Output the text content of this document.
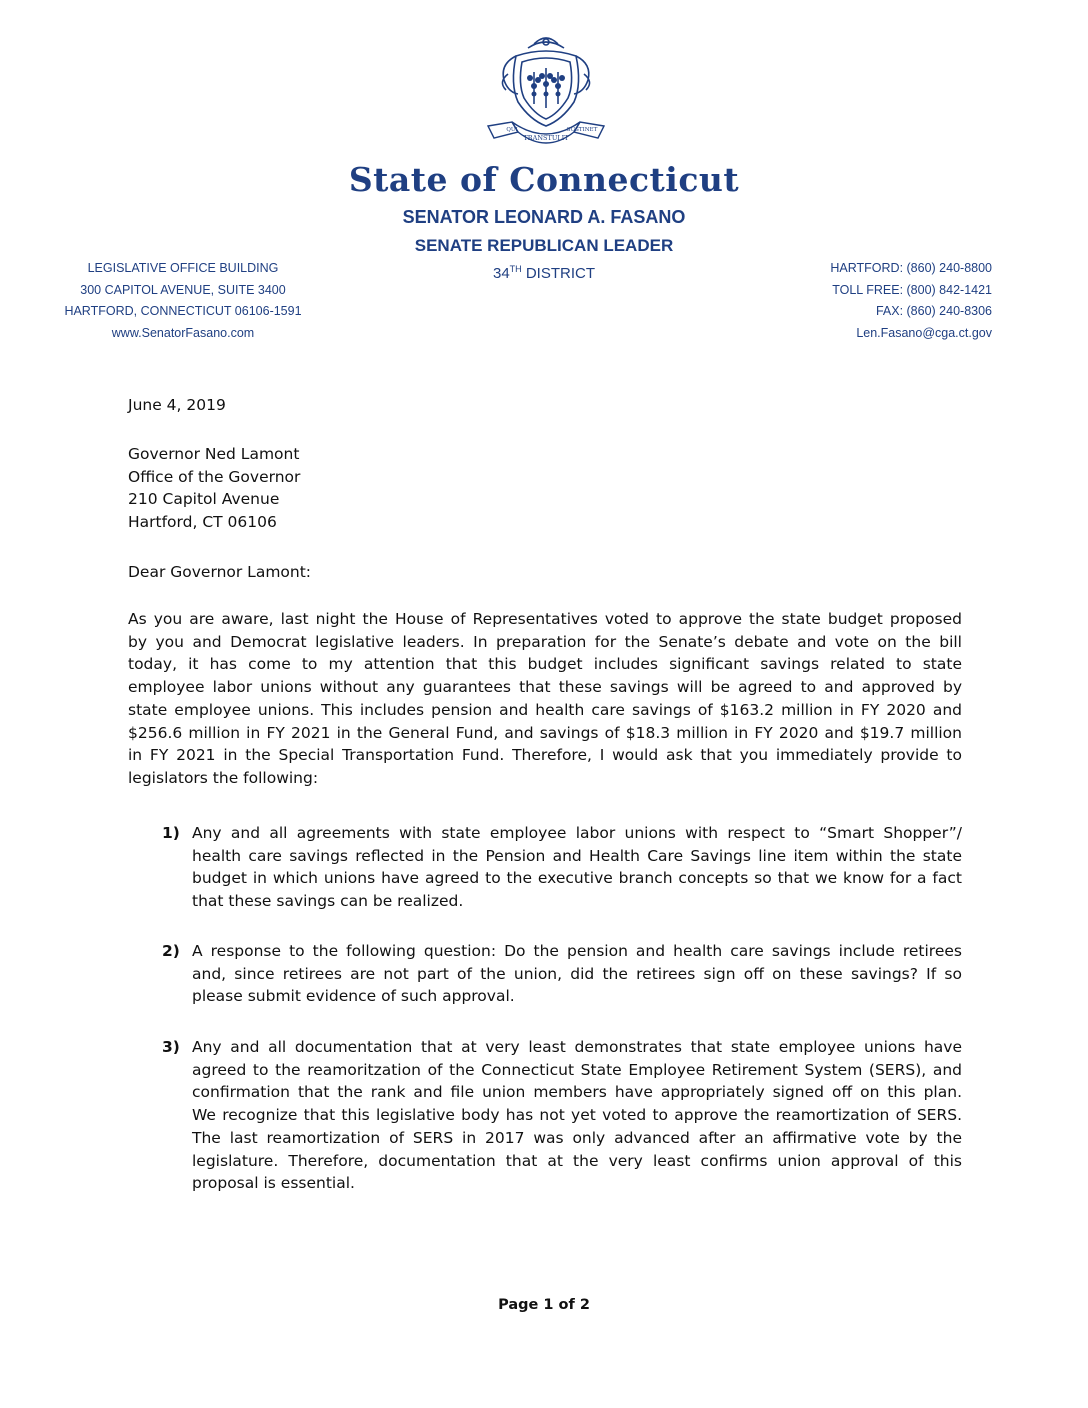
TRANSTULIT
QUI	SUSTINET
State of Connecticut
SENATOR LEONARD A. FASANO
SENATE REPUBLICAN LEADER
34TH DISTRICT
LEGISLATIVE OFFICE BUILDING
300 CAPITOL AVENUE, SUITE 3400
HARTFORD, CONNECTICUT 06106-1591
www.SenatorFasano.com
HARTFORD: (860) 240-8800
TOLL FREE: (800) 842-1421
FAX: (860) 240-8306
Len.Fasano@cga.ct.gov
June 4, 2019
Governor Ned Lamont
Office of the Governor
210 Capitol Avenue
Hartford, CT 06106
Dear Governor Lamont:
As you are aware, last night the House of Representatives voted to approve the state budget proposed
by you and Democrat legislative leaders. In preparation for the Senate’s debate and vote on the bill
today, it has come to my attention that this budget includes significant savings related to state
employee labor unions without any guarantees that these savings will be agreed to and approved by
state employee unions. This includes pension and health care savings of $163.2 million in FY 2020 and
$256.6 million in FY 2021 in the General Fund, and savings of $18.3 million in FY 2020 and $19.7 million
in FY 2021 in the Special Transportation Fund. Therefore, I would ask that you immediately provide to
legislators the following:
1) Any and all agreements with state employee labor unions with respect to “Smart Shopper”/
health care savings reflected in the Pension and Health Care Savings line item within the state
budget in which unions have agreed to the executive branch concepts so that we know for a fact
that these savings can be realized.
2) A response to the following question: Do the pension and health care savings include retirees
and, since retirees are not part of the union, did the retirees sign off on these savings? If so
please submit evidence of such approval.
3) Any and all documentation that at very least demonstrates that state employee unions have
agreed to the reamoritzation of the Connecticut State Employee Retirement System (SERS), and
confirmation that the rank and file union members have appropriately signed off on this plan.
We recognize that this legislative body has not yet voted to approve the reamortization of SERS.
The last reamortization of SERS in 2017 was only advanced after an affirmative vote by the
legislature. Therefore, documentation that at the very least confirms union approval of this
proposal is essential.
Page 1 of 2
